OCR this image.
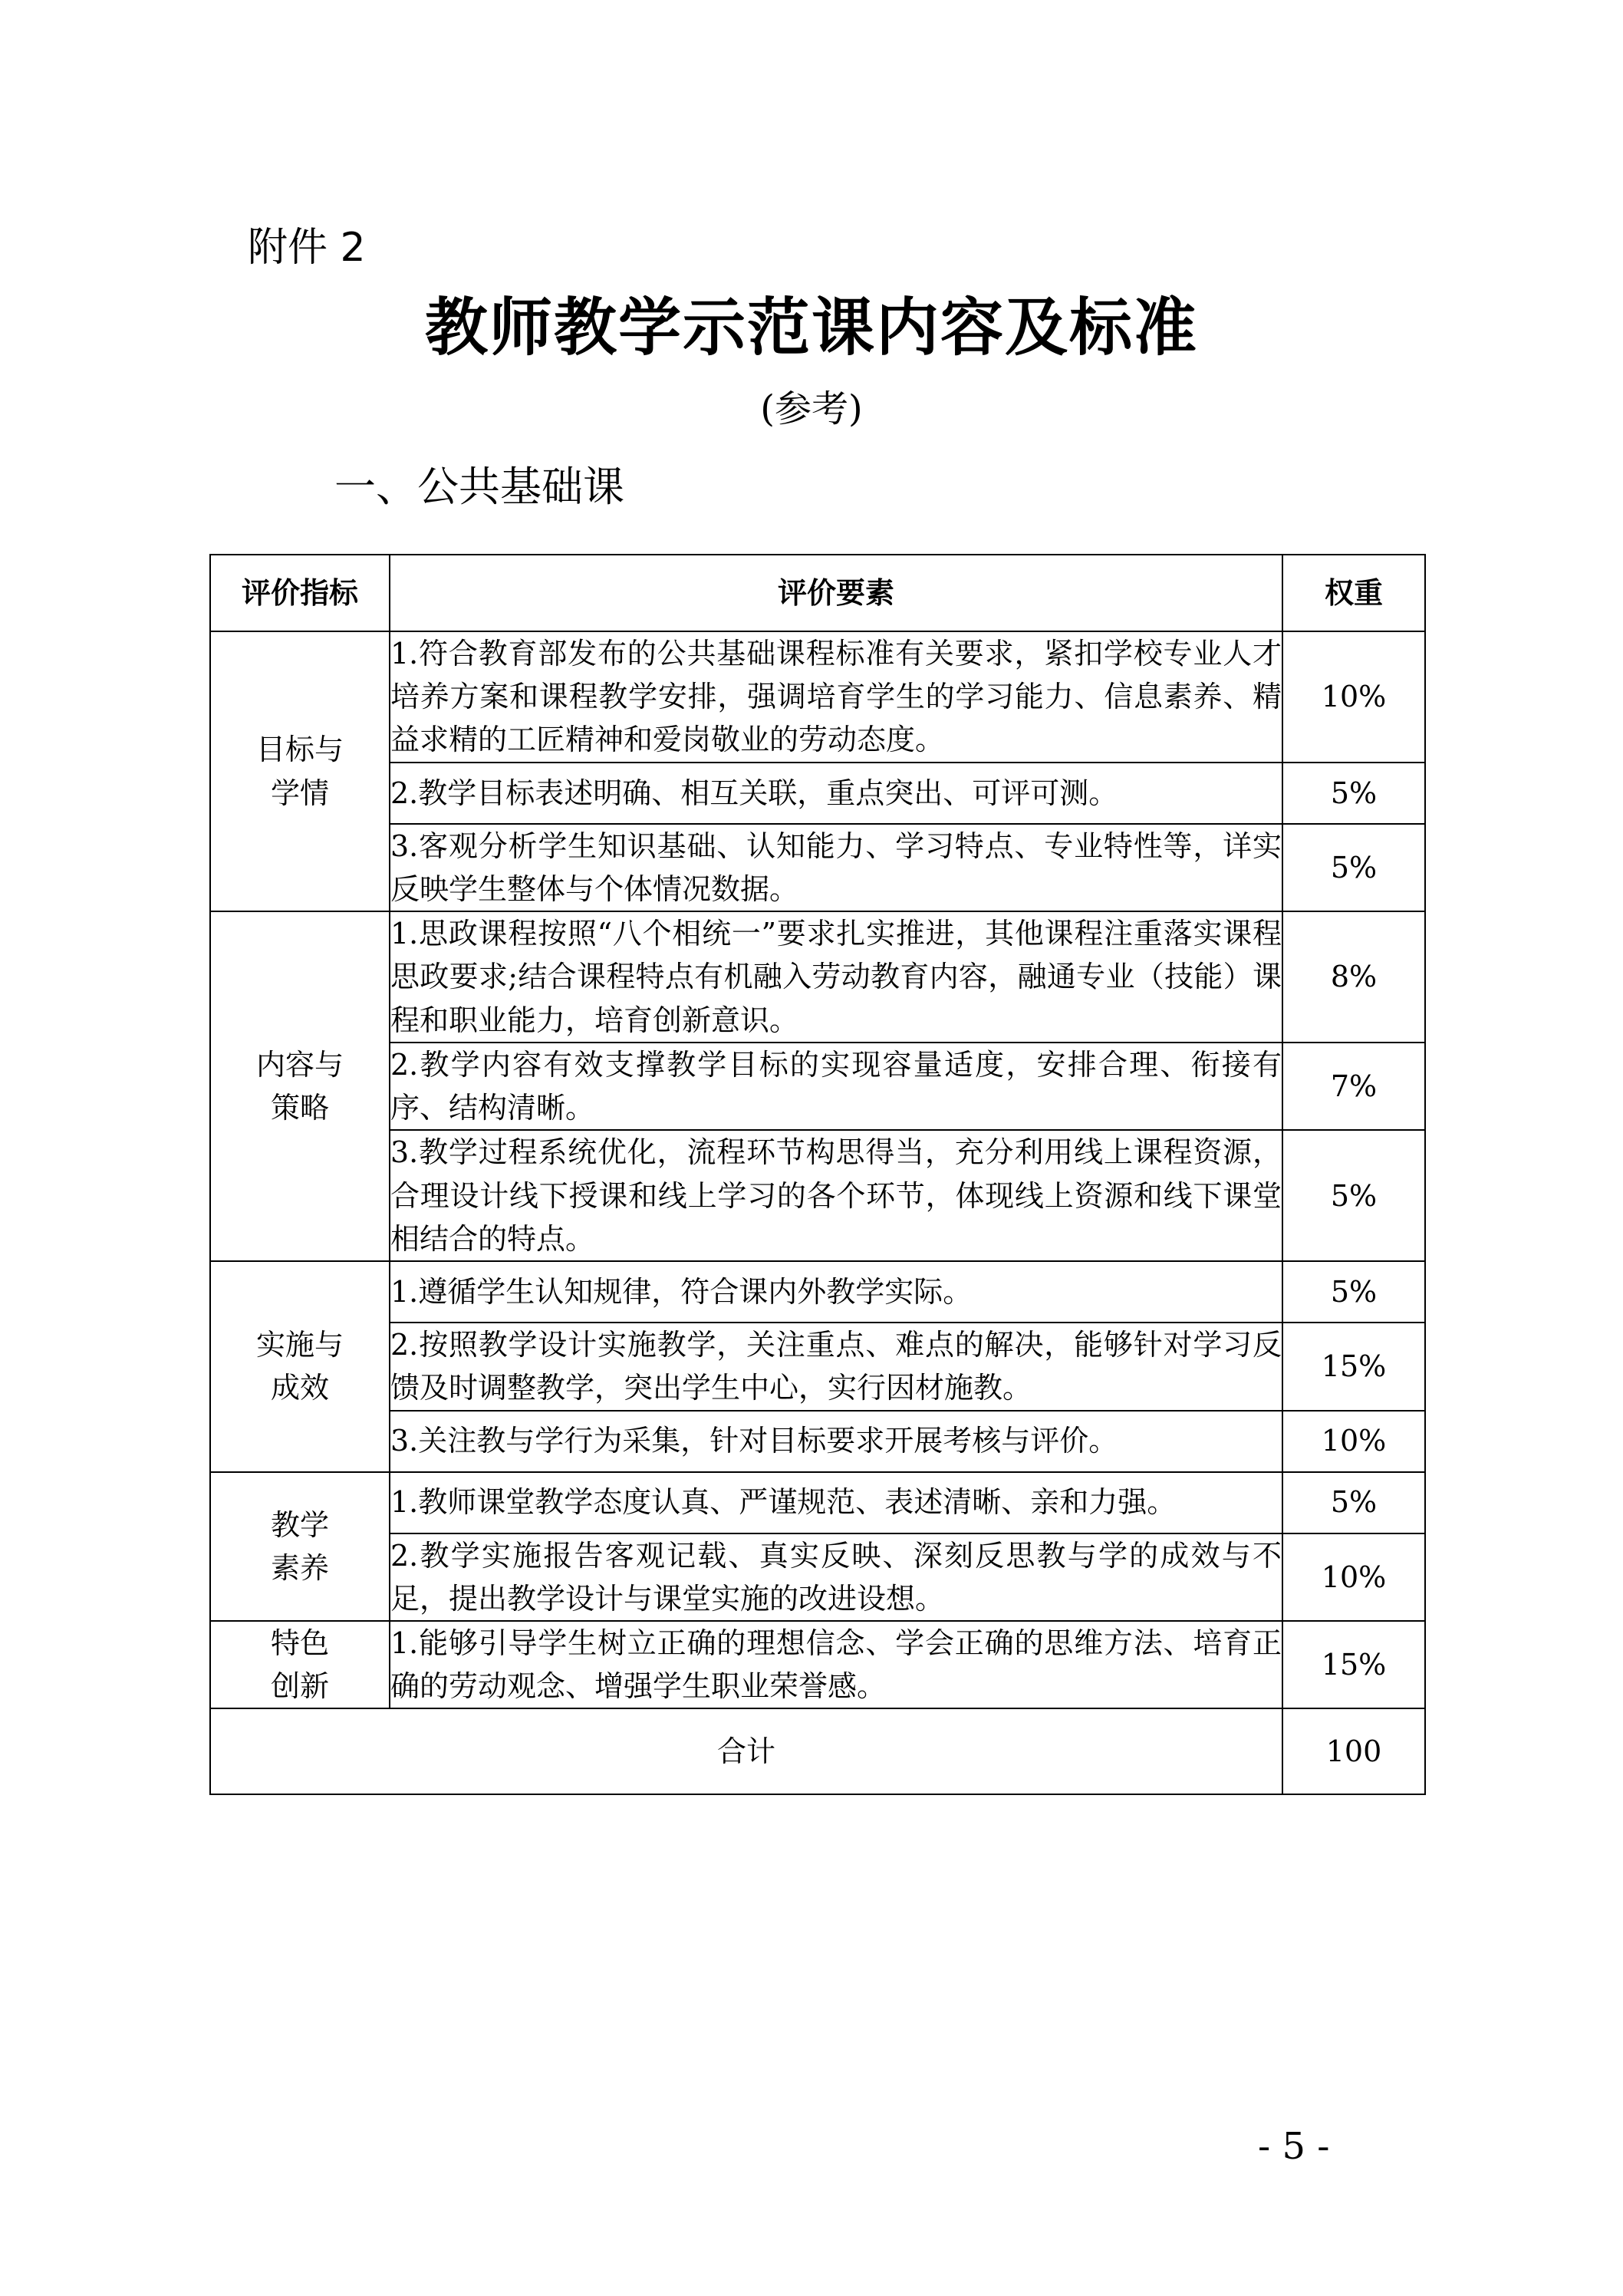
附件 2
教师教学示范课内容及标准
(参考)
一、公共基础课
评价指标	评价要素	权重

目标与
学情	1.符合教育部发布的公共基础课程标准有关要求，紧扣学校专业人才培养方案和课程教学安排，强调培育学生的学习能力、信息素养、精益求精的工匠精神和爱岗敬业的劳动态度。	10%
	2.教学目标表述明确、相互关联，重点突出、可评可测。	5%
	3.客观分析学生知识基础、认知能力、学习特点、专业特性等，详实反映学生整体与个体情况数据。	5%

内容与
策略	1.思政课程按照“八个相统一”要求扎实推进，其他课程注重落实课程思政要求;结合课程特点有机融入劳动教育内容，融通专业（技能）课程和职业能力，培育创新意识。	8%
	2.教学内容有效支撑教学目标的实现容量适度，安排合理、衔接有序、结构清晰。	7%
	3.教学过程系统优化，流程环节构思得当，充分利用线上课程资源，合理设计线下授课和线上学习的各个环节，体现线上资源和线下课堂相结合的特点。	5%

实施与
成效	1.遵循学生认知规律，符合课内外教学实际。	5%
	2.按照教学设计实施教学，关注重点、难点的解决，能够针对学习反馈及时调整教学，突出学生中心，实行因材施教。	15%
	3.关注教与学行为采集，针对目标要求开展考核与评价。	10%

教学
素养	1.教师课堂教学态度认真、严谨规范、表述清晰、亲和力强。	5%
	2.教学实施报告客观记载、真实反映、深刻反思教与学的成效与不足，提出教学设计与课堂实施的改进设想。	10%

特色
创新	1.能够引导学生树立正确的理想信念、学会正确的思维方法、培育正确的劳动观念、增强学生职业荣誉感。	15%
合计		100
- 5 -
